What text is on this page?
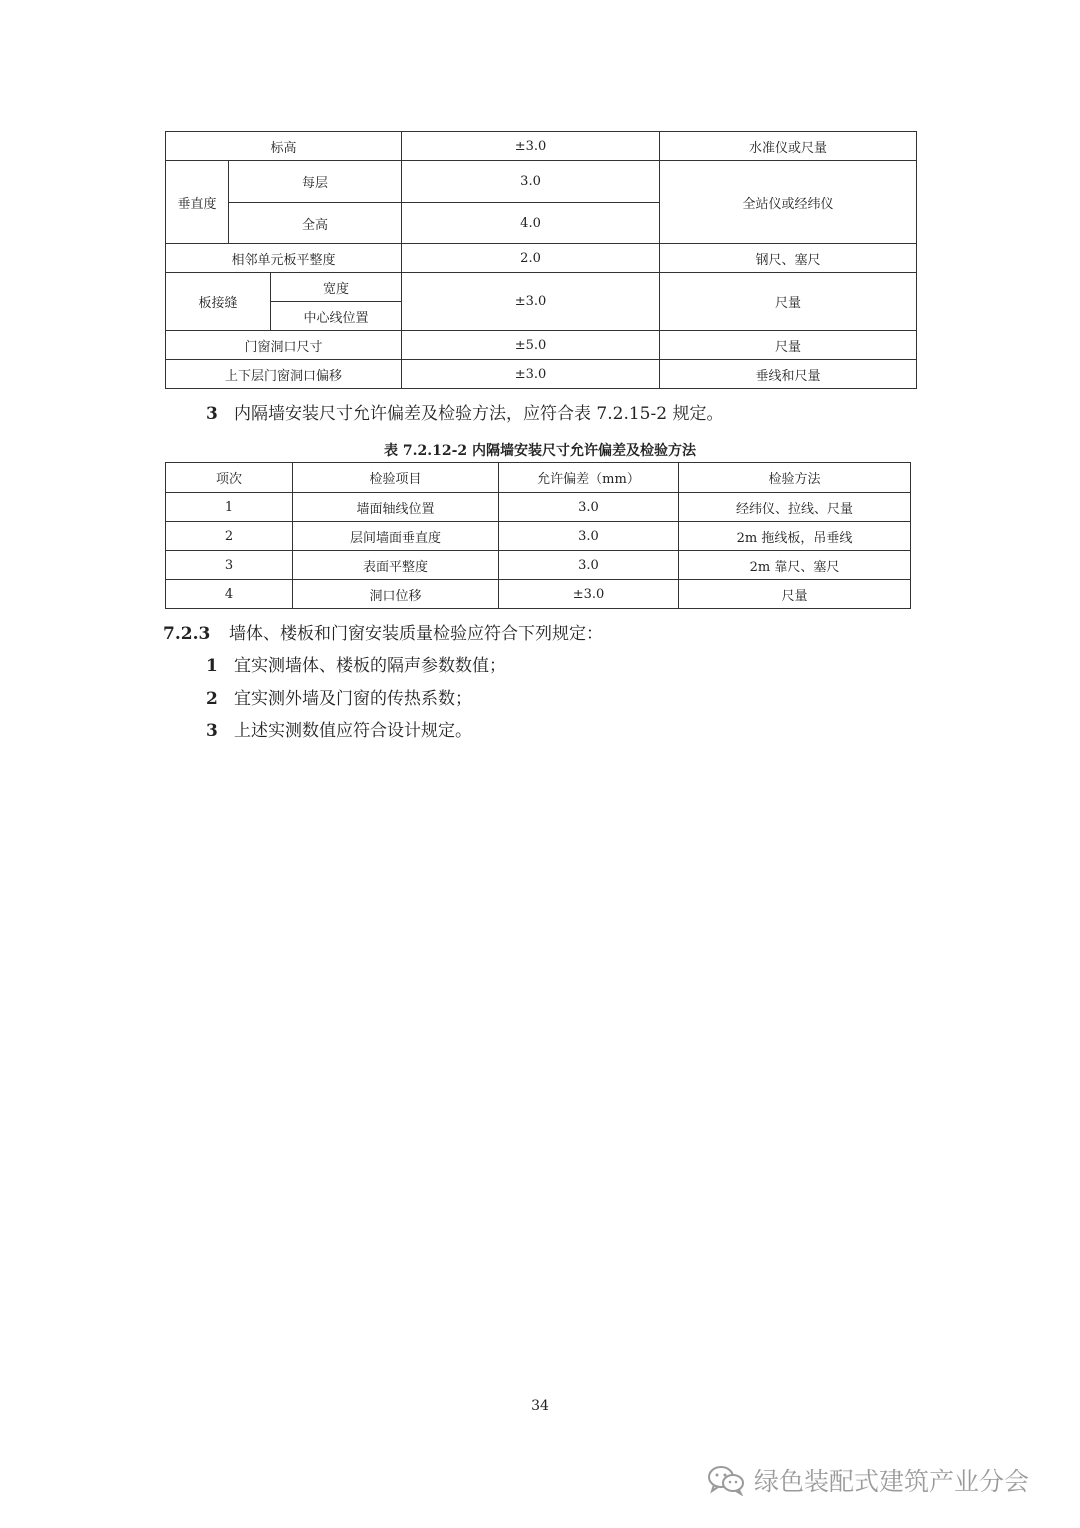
标高			±3.0	水准仪或尺量
垂直度	每层		3.0	全站仪或经纬仪
	全高		4.0	
相邻单元板平整度			2.0	钢尺、塞尺
板接缝		宽度	±3.0	尺量
		中心线位置		
门窗洞口尺寸			±5.0	尺量
上下层门窗洞口偏移			±3.0	垂线和尺量
3 内隔墙安装尺寸允许偏差及检验方法，应符合表 7.2.15-2 规定。
表 7.2.12-2 内隔墙安装尺寸允许偏差及检验方法
项次	检验项目	允许偏差（mm）	检验方法
1	墙面轴线位置	3.0	经纬仪、拉线、尺量
2	层间墙面垂直度	3.0	2m 拖线板，吊垂线
3	表面平整度	3.0	2m 靠尺、塞尺
4	洞口位移	±3.0	尺量
7.2.3 墙体、楼板和门窗安装质量检验应符合下列规定：
1 宜实测墙体、楼板的隔声参数数值；
2 宜实测外墙及门窗的传热系数；
3 上述实测数值应符合设计规定。
34
绿色装配式建筑产业分会
